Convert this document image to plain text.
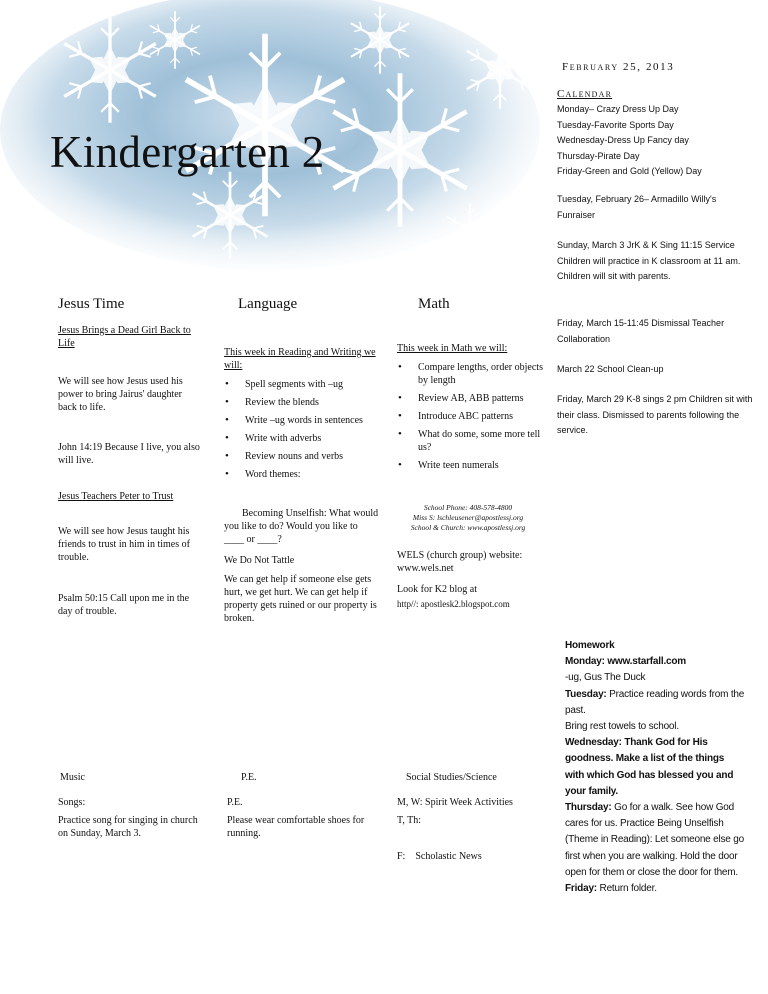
Kindergarten 2
February 25, 2013
Calendar
Monday– Crazy Dress Up Day
Tuesday-Favorite Sports Day
Wednesday-Dress Up Fancy day
Thursday-Pirate Day
Friday-Green and Gold (Yellow) Day
Tuesday, February 26– Armadillo Willy's Funraiser
Sunday, March 3 JrK & K Sing 11:15 Service Children will practice in K classroom at 11 am. Children will sit with parents.
Friday, March 15-11:45 Dismissal Teacher Collaboration
March 22 School Clean-up
Friday, March 29 K-8 sings 2 pm Children sit with their class. Dismissed to parents following the service.
Jesus Time
Jesus Brings a Dead Girl Back to Life
We will see how Jesus used his power to bring Jairus' daughter back to life.
John 14:19 Because I live, you also will live.
Jesus Teachers Peter to Trust
We will see how Jesus taught his friends to trust in him in times of trouble.
Psalm 50:15 Call upon me in the day of trouble.
Language
This week in Reading and Writing we will:
• Spell segments with –ug
• Review the blends
• Write –ug words in sentences
• Write with adverbs
• Review nouns and verbs
• Word themes:
Becoming Unselfish: What would you like to do? Would you like to ____ or ____?
We Do Not Tattle
We can get help if someone else gets hurt, we get hurt. We can get help if property gets ruined or our property is broken.
Math
This week in Math we will:
• Compare lengths, order objects by length
• Review AB, ABB patterns
• Introduce ABC patterns
• What do some, some more tell us?
• Write teen numerals
School Phone: 408-578-4800
Miss S: lschleusener@apostlessj.org
School & Church: www.apostlessj.org
WELS (church group) website: www.wels.net
Look for K2 blog at
http//: apostlesk2.blogspot.com
Homework
Monday: www.starfall.com
-ug, Gus The Duck
Tuesday: Practice reading words from the past.
Bring rest towels to school.
Wednesday: Thank God for His goodness. Make a list of the things with which God has blessed you and your family.
Thursday: Go for a walk. See how God cares for us. Practice Being Unselfish (Theme in Reading): Let someone else go first when you are walking. Hold the door open for them or close the door for them.
Friday: Return folder.
Music
Songs:
Practice song for singing in church on Sunday, March 3.
P.E.
P.E.
Please wear comfortable shoes for running.
Social Studies/Science
M, W: Spirit Week Activities
T, Th:
F:    Scholastic News
